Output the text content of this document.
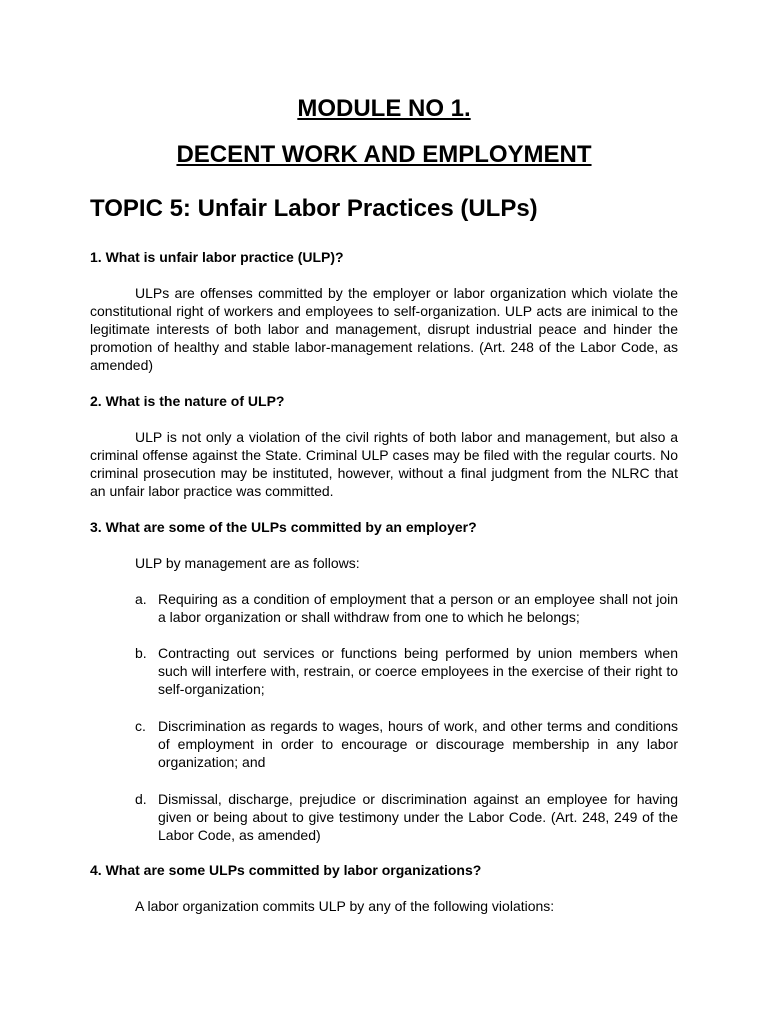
MODULE NO 1.
DECENT WORK AND EMPLOYMENT
TOPIC 5: Unfair Labor Practices (ULPs)

1. What is unfair labor practice (ULP)?

ULPs are offenses committed by the employer or labor organization which violate the constitutional right of workers and employees to self-organization. ULP acts are inimical to the legitimate interests of both labor and management, disrupt industrial peace and hinder the promotion of healthy and stable labor-management relations. (Art. 248 of the Labor Code, as amended)

2. What is the nature of ULP?

ULP is not only a violation of the civil rights of both labor and management, but also a criminal offense against the State. Criminal ULP cases may be filed with the regular courts. No criminal prosecution may be instituted, however, without a final judgment from the NLRC that an unfair labor practice was committed.

3. What are some of the ULPs committed by an employer?

ULP by management are as follows:

a. Requiring as a condition of employment that a person or an employee shall not join a labor organization or shall withdraw from one to which he belongs;
b. Contracting out services or functions being performed by union members when such will interfere with, restrain, or coerce employees in the exercise of their right to self-organization;
c. Discrimination as regards to wages, hours of work, and other terms and conditions of employment in order to encourage or discourage membership in any labor organization; and
d. Dismissal, discharge, prejudice or discrimination against an employee for having given or being about to give testimony under the Labor Code. (Art. 248, 249 of the Labor Code, as amended)

4. What are some ULPs committed by labor organizations?

A labor organization commits ULP by any of the following violations:
